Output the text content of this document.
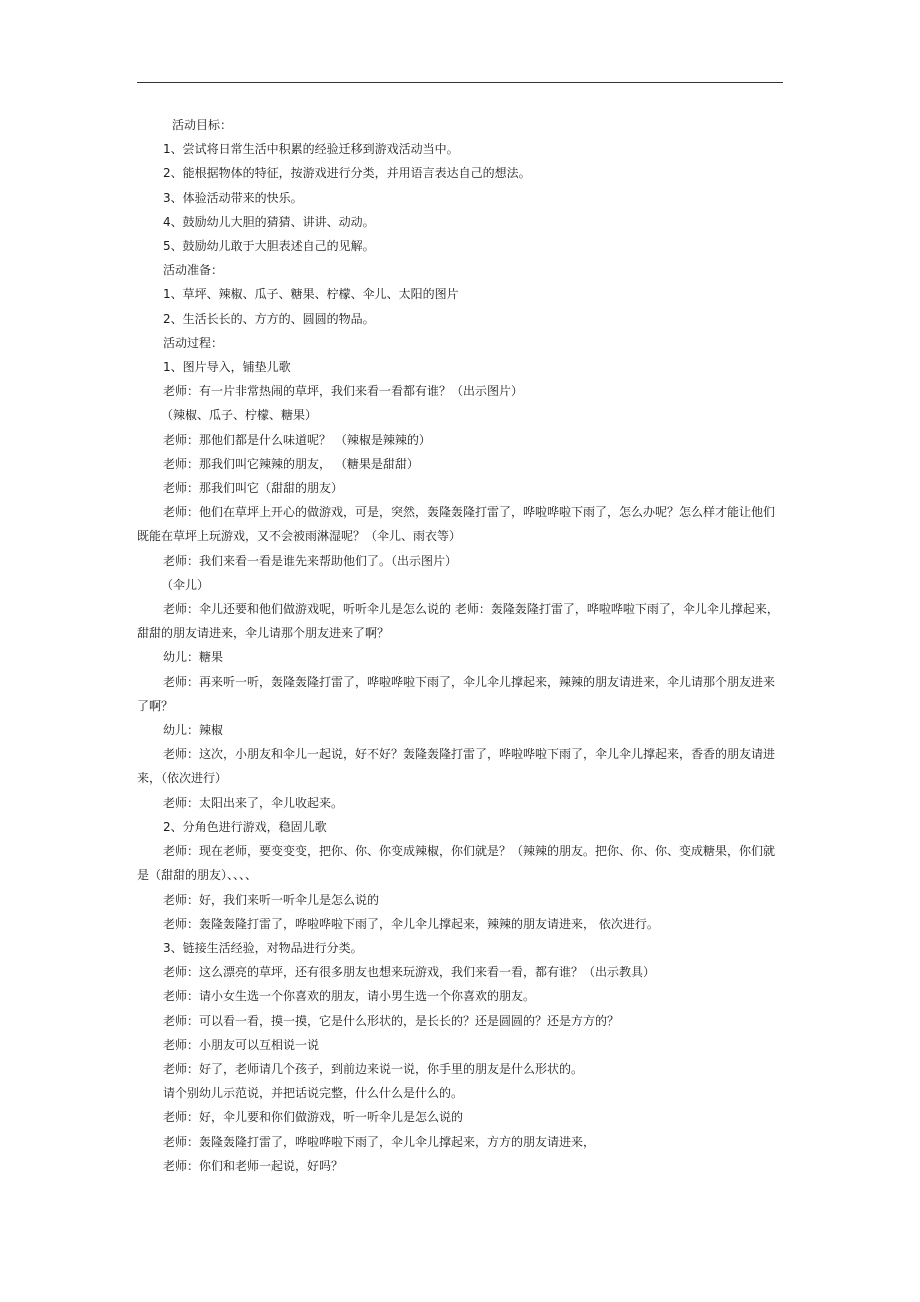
活动目标：

1、尝试将日常生活中积累的经验迁移到游戏活动当中。

2、能根据物体的特征，按游戏进行分类，并用语言表达自己的想法。

3、体验活动带来的快乐。

4、鼓励幼儿大胆的猜猜、讲讲、动动。

5、鼓励幼儿敢于大胆表述自己的见解。

活动准备：

1、草坪、辣椒、瓜子、糖果、柠檬、伞儿、太阳的图片

2、生活长长的、方方的、圆圆的物品。

活动过程：

1、图片导入，铺垫儿歌

老师：有一片非常热闹的草坪，我们来看一看都有谁？（出示图片）

（辣椒、瓜子、柠檬、糖果）

老师：那他们都是什么味道呢？ （辣椒是辣辣的）

老师：那我们叫它辣辣的朋友， （糖果是甜甜）

老师：那我们叫它（甜甜的朋友）

老师：他们在草坪上开心的做游戏，可是，突然，轰隆轰隆打雷了，哗啦哗啦下雨了，怎么办呢？怎么样才能让他们既能在草坪上玩游戏，又不会被雨淋湿呢？（伞儿、雨衣等）

老师：我们来看一看是谁先来帮助他们了。（出示图片）

（伞儿）

老师：伞儿还要和他们做游戏呢，听听伞儿是怎么说的 老师：轰隆轰隆打雷了，哗啦哗啦下雨了，伞儿伞儿撑起来，甜甜的朋友请进来，伞儿请那个朋友进来了啊？

幼儿：糖果

老师：再来听一听，轰隆轰隆打雷了，哗啦哗啦下雨了，伞儿伞儿撑起来，辣辣的朋友请进来，伞儿请那个朋友进来了啊？

幼儿：辣椒

老师：这次，小朋友和伞儿一起说，好不好？轰隆轰隆打雷了，哗啦哗啦下雨了，伞儿伞儿撑起来，香香的朋友请进来，（依次进行）

老师：太阳出来了，伞儿收起来。

2、分角色进行游戏，稳固儿歌

老师：现在老师，要变变变，把你、你、你变成辣椒，你们就是？（辣辣的朋友。把你、你、你、变成糖果，你们就是（甜甜的朋友）、、、、

老师：好，我们来听一听伞儿是怎么说的

老师：轰隆轰隆打雷了，哗啦哗啦下雨了，伞儿伞儿撑起来，辣辣的朋友请进来， 依次进行。

3、链接生活经验，对物品进行分类。

老师：这么漂亮的草坪，还有很多朋友也想来玩游戏，我们来看一看，都有谁？（出示教具）

老师：请小女生选一个你喜欢的朋友，请小男生选一个你喜欢的朋友。

老师：可以看一看，摸一摸，它是什么形状的，是长长的？还是圆圆的？还是方方的？

老师：小朋友可以互相说一说

老师：好了，老师请几个孩子，到前边来说一说，你手里的朋友是什么形状的。

请个别幼儿示范说，并把话说完整，什么什么是什么的。

老师：好，伞儿要和你们做游戏，听一听伞儿是怎么说的

老师：轰隆轰隆打雷了，哗啦哗啦下雨了，伞儿伞儿撑起来，方方的朋友请进来，

老师：你们和老师一起说，好吗？
